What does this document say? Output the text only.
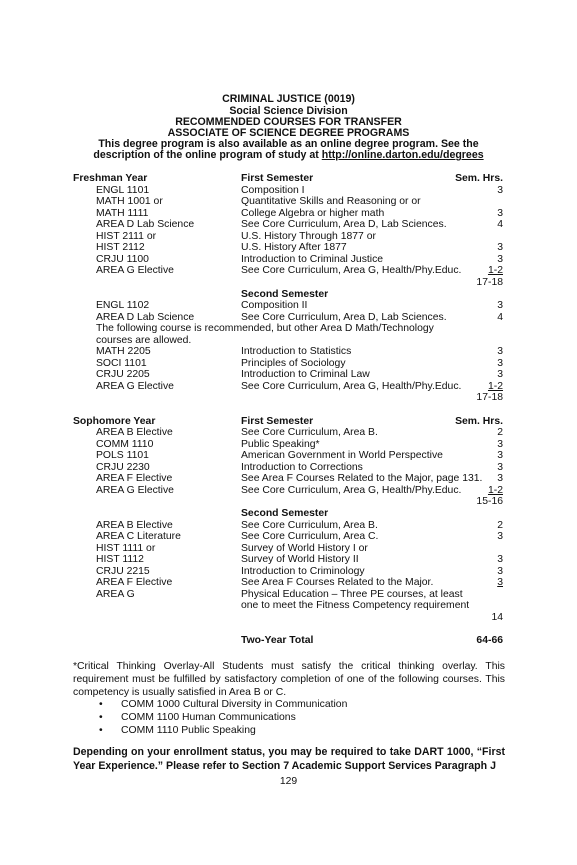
CRIMINAL JUSTICE (0019)
Social Science Division
RECOMMENDED COURSES FOR TRANSFER
ASSOCIATE OF SCIENCE DEGREE PROGRAMS
This degree program is also available as an online degree program. See the
description of the online program of study at http://online.darton.edu/degrees
Freshman Year	First Semester	Sem. Hrs.
ENGL 1101	Composition I	3
MATH 1001 or	Quantitative Skills and Reasoning or or
MATH 1111	College Algebra or higher math	3
AREA D Lab Science	See Core Curriculum, Area D, Lab Sciences.	4
HIST 2111 or	U.S. History Through 1877 or
HIST 2112	U.S. History After 1877	3
CRJU 1100	Introduction to Criminal Justice	3
AREA G Elective	See Core Curriculum, Area G, Health/Phy.Educ.	1-2
17-18
Second Semester
ENGL 1102	Composition II	3
AREA D Lab Science	See Core Curriculum, Area D, Lab Sciences.	4
The following course is recommended, but other Area D Math/Technology
courses are allowed.
MATH 2205	Introduction to Statistics	3
SOCI 1101	Principles of Sociology	3
CRJU 2205	Introduction to Criminal Law	3
AREA G Elective	See Core Curriculum, Area G, Health/Phy.Educ.	1-2
17-18
Sophomore Year	First Semester	Sem. Hrs.
AREA B Elective	See Core Curriculum, Area B.	2
COMM 1110	Public Speaking*	3
POLS 1101	American Government in World Perspective	3
CRJU 2230	Introduction to Corrections	3
AREA F Elective	See Area F Courses Related to the Major, page 131. 3
AREA G Elective	See Core Curriculum, Area G, Health/Phy.Educ.	1-2
15-16
Second Semester
AREA B Elective	See Core Curriculum, Area B.	2
AREA C Literature	See Core Curriculum, Area C.	3
HIST 1111 or	Survey of World History I or
HIST 1112	Survey of World History II	3
CRJU 2215	Introduction to Criminology	3
AREA F Elective	See Area F Courses Related to the Major.	3
AREA G	Physical Education – Three PE courses, at least
one to meet the Fitness Competency requirement
14
Two-Year Total	64-66
*Critical Thinking Overlay-All Students must satisfy the critical thinking overlay. This requirement must be fulfilled by satisfactory completion of one of the following courses. This competency is usually satisfied in Area B or C.
• COMM 1000 Cultural Diversity in Communication
• COMM 1100 Human Communications
• COMM 1110 Public Speaking
Depending on your enrollment status, you may be required to take DART 1000, “First Year Experience.” Please refer to Section 7 Academic Support Services Paragraph J
129
